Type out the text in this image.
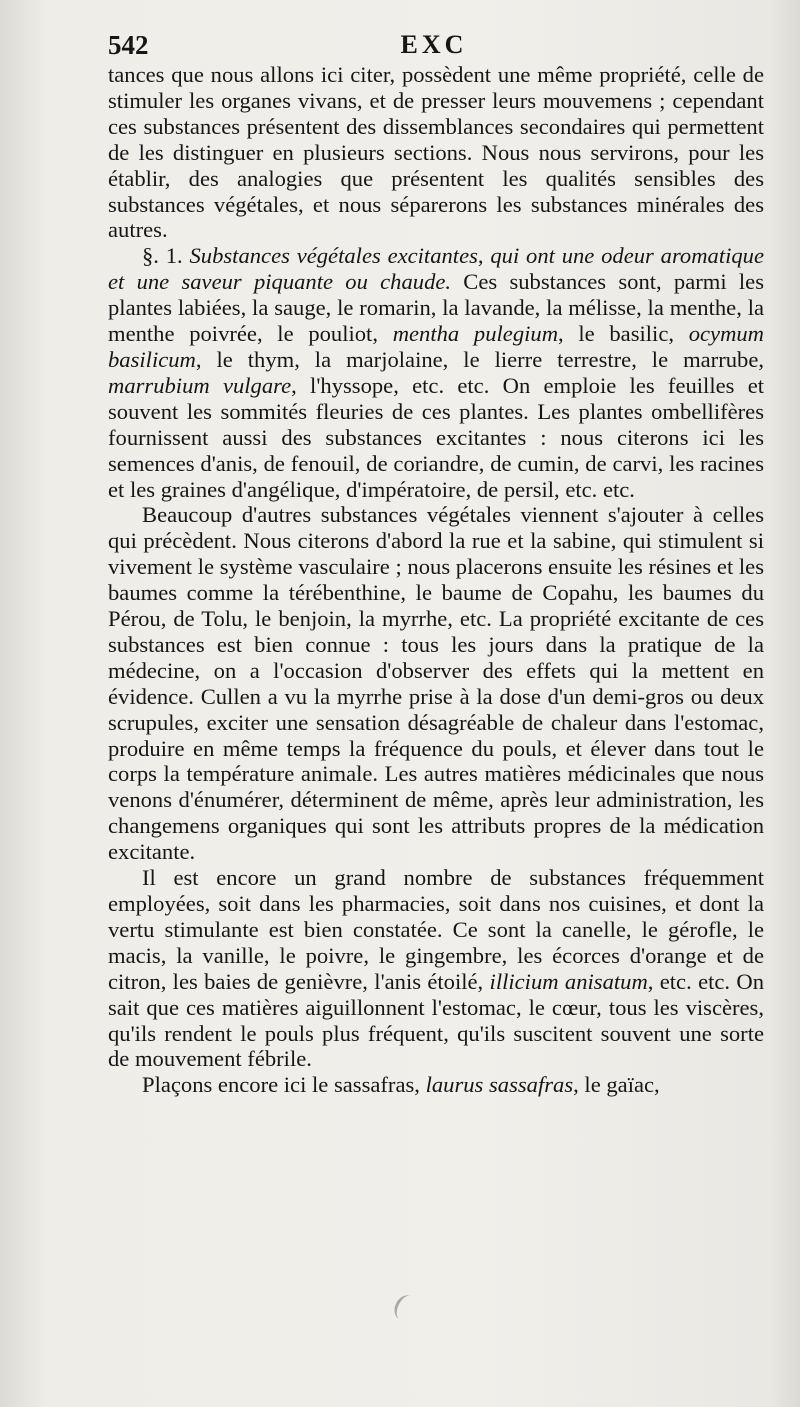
542	EXC

tances que nous allons ici citer, possèdent une même propriété, celle de stimuler les organes vivans, et de presser leurs mouvemens ; cependant ces substances présentent des dissemblances secondaires qui permettent de les distinguer en plusieurs sections. Nous nous servirons, pour les établir, des analogies que présentent les qualités sensibles des substances végétales, et nous séparerons les substances minérales des autres.

§. 1. Substances végétales excitantes, qui ont une odeur aromatique et une saveur piquante ou chaude. Ces substances sont, parmi les plantes labiées, la sauge, le romarin, la lavande, la mélisse, la menthe, la menthe poivrée, le pouliot, mentha pulegium, le basilic, ocymum basilicum, le thym, la marjolaine, le lierre terrestre, le marrube, marrubium vulgare, l'hyssope, etc. etc. On emploie les feuilles et souvent les sommités fleuries de ces plantes. Les plantes ombellifères fournissent aussi des substances excitantes : nous citerons ici les semences d'anis, de fenouil, de coriandre, de cumin, de carvi, les racines et les graines d'angélique, d'impératoire, de persil, etc. etc.

Beaucoup d'autres substances végétales viennent s'ajouter à celles qui précèdent. Nous citerons d'abord la rue et la sabine, qui stimulent si vivement le système vasculaire ; nous placerons ensuite les résines et les baumes comme la térébenthine, le baume de Copahu, les baumes du Pérou, de Tolu, le benjoin, la myrrhe, etc. La propriété excitante de ces substances est bien connue : tous les jours dans la pratique de la médecine, on a l'occasion d'observer des effets qui la mettent en évidence. Cullen a vu la myrrhe prise à la dose d'un demi-gros ou deux scrupules, exciter une sensation désagréable de chaleur dans l'estomac, produire en même temps la fréquence du pouls, et élever dans tout le corps la température animale. Les autres matières médicinales que nous venons d'énumérer, déterminent de même, après leur administration, les changemens organiques qui sont les attributs propres de la médication excitante.

Il est encore un grand nombre de substances fréquemment employées, soit dans les pharmacies, soit dans nos cuisines, et dont la vertu stimulante est bien constatée. Ce sont la canelle, le gérofle, le macis, la vanille, le poivre, le gingembre, les écorces d'orange et de citron, les baies de genièvre, l'anis étoilé, illicium anisatum, etc. etc. On sait que ces matières aiguillonnent l'estomac, le cœur, tous les viscères, qu'ils rendent le pouls plus fréquent, qu'ils suscitent souvent une sorte de mouvement fébrile.

Plaçons encore ici le sassafras, laurus sassafras, le gaïac,
